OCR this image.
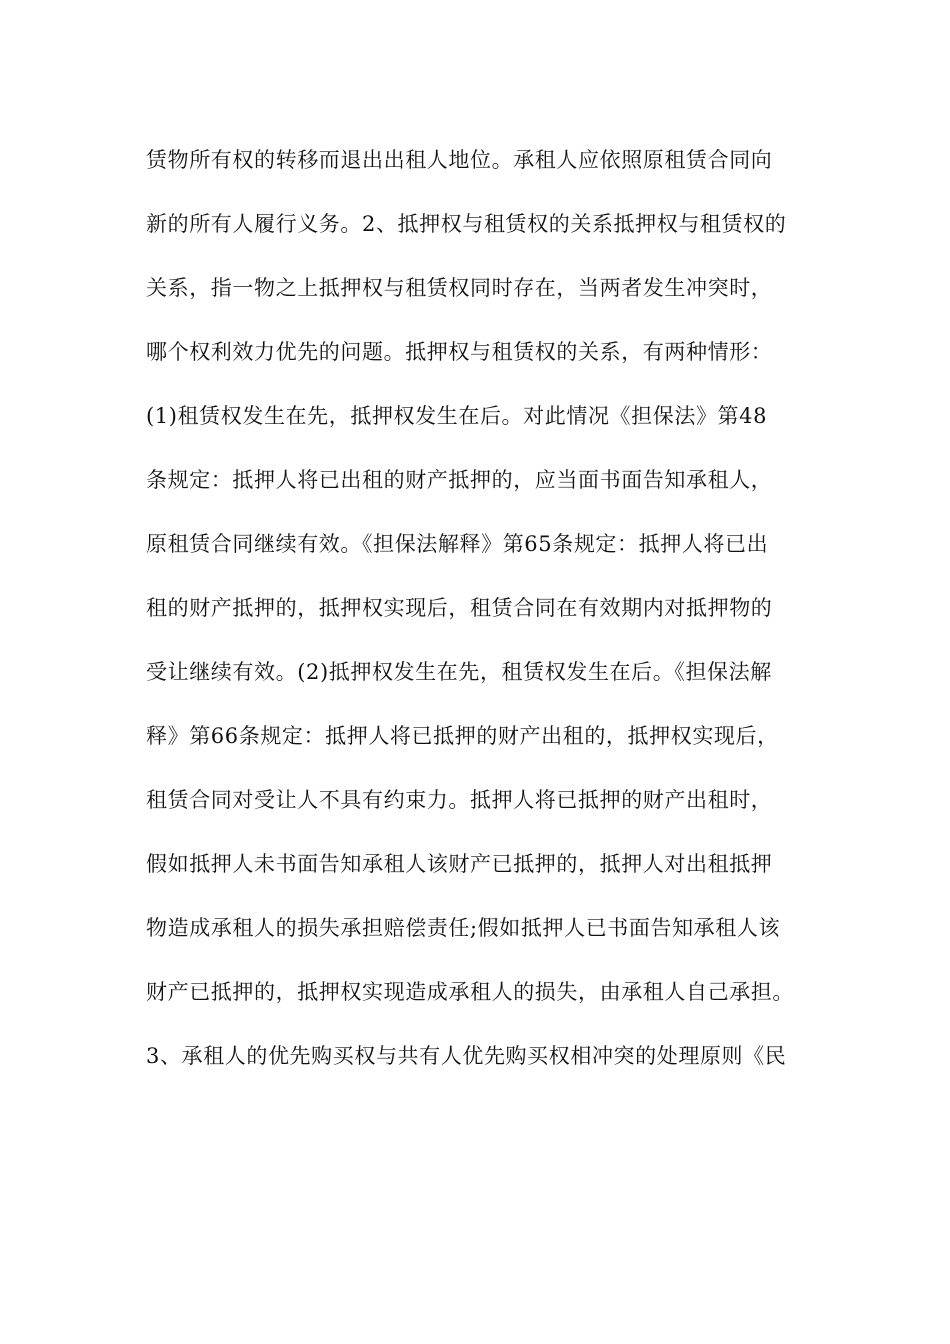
赁物所有权的转移而退出出租人地位。承租人应依照原租赁合同向
新的所有人履行义务。2、抵押权与租赁权的关系抵押权与租赁权的
关系，指一物之上抵押权与租赁权同时存在，当两者发生冲突时，
哪个权利效力优先的问题。抵押权与租赁权的关系，有两种情形：
(1)租赁权发生在先，抵押权发生在后。对此情况《担保法》第48
条规定：抵押人将已出租的财产抵押的，应当面书面告知承租人，
原租赁合同继续有效。《担保法解释》第65条规定：抵押人将已出
租的财产抵押的，抵押权实现后，租赁合同在有效期内对抵押物的
受让继续有效。(2)抵押权发生在先，租赁权发生在后。《担保法解
释》第66条规定：抵押人将已抵押的财产出租的，抵押权实现后，
租赁合同对受让人不具有约束力。抵押人将已抵押的财产出租时，
假如抵押人未书面告知承租人该财产已抵押的，抵押人对出租抵押
物造成承租人的损失承担赔偿责任;假如抵押人已书面告知承租人该
财产已抵押的，抵押权实现造成承租人的损失，由承租人自己承担。
3、承租人的优先购买权与共有人优先购买权相冲突的处理原则《民
